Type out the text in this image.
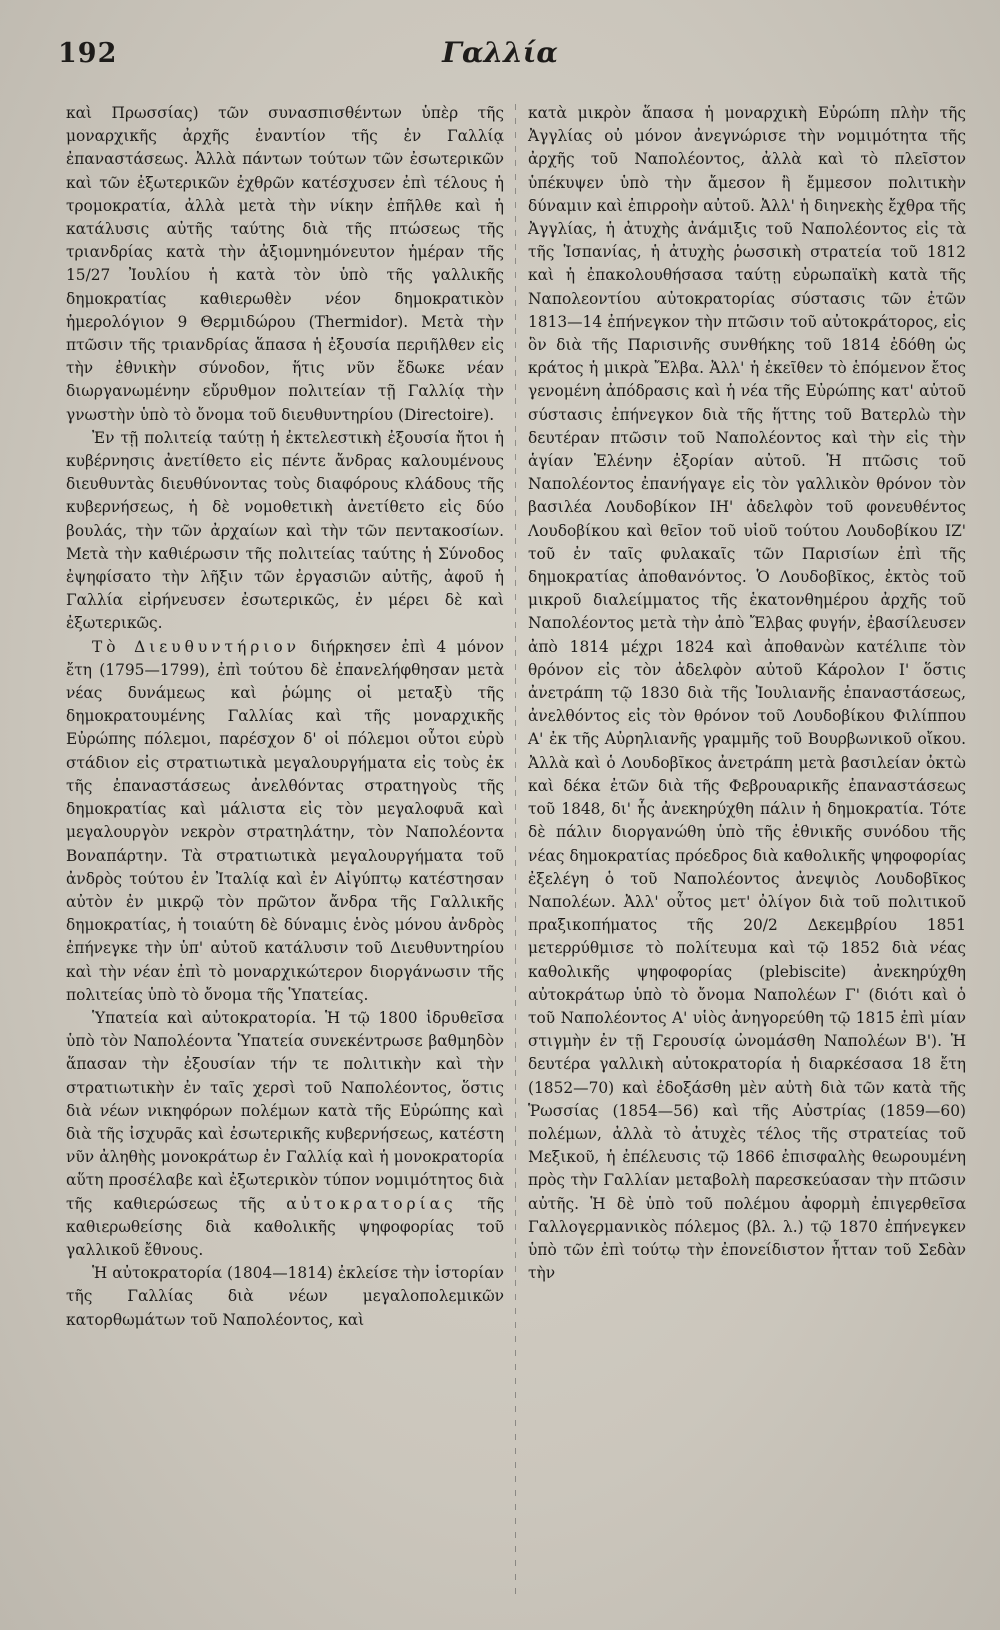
192	Γαλλία

καὶ Πρωσσίας) τῶν συνασπισθέντων ὑπὲρ τῆς μοναρχικῆς ἀρχῆς ἐναντίον τῆς ἐν Γαλλίᾳ ἐπαναστάσεως. Ἀλλὰ πάντων τούτων τῶν ἐσωτερικῶν καὶ τῶν ἐξωτερικῶν ἐχθρῶν κατέσχυσεν ἐπὶ τέλους ἡ τρομοκρατία, ἀλλὰ μετὰ τὴν νίκην ἐπῆλθε καὶ ἡ κατάλυσις αὐτῆς ταύτης διὰ τῆς πτώσεως τῆς τριανδρίας κατὰ τὴν ἀξιομνημόνευτον ἡμέραν τῆς 15/27 Ἰουλίου ἡ κατὰ τὸν ὑπὸ τῆς γαλλικῆς δημοκρατίας καθιερωθὲν νέον δημοκρατικὸν ἡμερολόγιον 9 Θερμιδώρου (Thermidor). Μετὰ τὴν πτῶσιν τῆς τριανδρίας ἅπασα ἡ ἐξουσία περιῆλθεν εἰς τὴν ἐθνικὴν σύνοδον, ἥτις νῦν ἔδωκε νέαν διωργανωμένην εὔρυθμον πολιτείαν τῇ Γαλλίᾳ τὴν γνωστὴν ὑπὸ τὸ ὄνομα τοῦ διευθυντηρίου (Directoire).

Ἐν τῇ πολιτείᾳ ταύτῃ ἡ ἐκτελεστικὴ ἐξουσία ἤτοι ἡ κυβέρνησις ἀνετίθετο εἰς πέντε ἄνδρας καλουμένους διευθυντὰς διευθύνοντας τοὺς διαφόρους κλάδους τῆς κυβερνήσεως, ἡ δὲ νομοθετικὴ ἀνετίθετο εἰς δύο βουλάς, τὴν τῶν ἀρχαίων καὶ τὴν τῶν πεντακοσίων. Μετὰ τὴν καθιέρωσιν τῆς πολιτείας ταύτης ἡ Σύνοδος ἐψηφίσατο τὴν λῆξιν τῶν ἐργασιῶν αὐτῆς, ἀφοῦ ἡ Γαλλία εἰρήνευσεν ἐσωτερικῶς, ἐν μέρει δὲ καὶ ἐξωτερικῶς.

Τὸ Διευθυντήριον διήρκησεν ἐπὶ 4 μόνον ἔτη (1795—1799), ἐπὶ τούτου δὲ ἐπανελήφθησαν μετὰ νέας δυνάμεως καὶ ῥώμης οἱ μεταξὺ τῆς δημοκρατουμένης Γαλλίας καὶ τῆς μοναρχικῆς Εὐρώπης πόλεμοι, παρέσχον δ' οἱ πόλεμοι οὗτοι εὐρὺ στάδιον εἰς στρατιωτικὰ μεγαλουργήματα εἰς τοὺς ἐκ τῆς ἐπαναστάσεως ἀνελθόντας στρατηγοὺς τῆς δημοκρατίας καὶ μάλιστα εἰς τὸν μεγαλοφυᾶ καὶ μεγαλουργὸν νεκρὸν στρατηλάτην, τὸν Ναπολέοντα Βοναπάρτην. Τὰ στρατιωτικὰ μεγαλουργήματα τοῦ ἀνδρὸς τούτου ἐν Ἰταλίᾳ καὶ ἐν Αἰγύπτῳ κατέστησαν αὐτὸν ἐν μικρῷ τὸν πρῶτον ἄνδρα τῆς Γαλλικῆς δημοκρατίας, ἡ τοιαύτη δὲ δύναμις ἑνὸς μόνου ἀνδρὸς ἐπήνεγκε τὴν ὑπ' αὐτοῦ κατάλυσιν τοῦ Διευθυντηρίου καὶ τὴν νέαν ἐπὶ τὸ μοναρχικώτερον διοργάνωσιν τῆς πολιτείας ὑπὸ τὸ ὄνομα τῆς Ὑπατείας.

Ὑπατεία καὶ αὐτοκρατορία. Ἡ τῷ 1800 ἱδρυθεῖσα ὑπὸ τὸν Ναπολέοντα Ὑπατεία συνεκέντρωσε βαθμηδὸν ἅπασαν τὴν ἐξουσίαν τήν τε πολιτικὴν καὶ τὴν στρατιωτικὴν ἐν ταῖς χερσὶ τοῦ Ναπολέοντος, ὅστις διὰ νέων νικηφόρων πολέμων κατὰ τῆς Εὐρώπης καὶ διὰ τῆς ἰσχυρᾶς καὶ ἐσωτερικῆς κυβερνήσεως, κατέστη νῦν ἀληθὴς μονοκράτωρ ἐν Γαλλίᾳ καὶ ἡ μονοκρατορία αὕτη προσέλαβε καὶ ἐξωτερικὸν τύπον νομιμότητος διὰ τῆς καθιερώσεως τῆς αὐτοκρατορίας τῆς καθιερωθείσης διὰ καθολικῆς ψηφοφορίας τοῦ γαλλικοῦ ἔθνους.

Ἡ αὐτοκρατορία (1804—1814) ἐκλείσε τὴν ἱστορίαν τῆς Γαλλίας διὰ νέων μεγαλοπολεμικῶν κατορθωμάτων τοῦ Ναπολέοντος, καὶ

κατὰ μικρὸν ἅπασα ἡ μοναρχικὴ Εὐρώπη πλὴν τῆς Ἀγγλίας οὐ μόνον ἀνεγνώρισε τὴν νομιμότητα τῆς ἀρχῆς τοῦ Ναπολέοντος, ἀλλὰ καὶ τὸ πλεῖστον ὑπέκυψεν ὑπὸ τὴν ἄμεσον ἢ ἔμμεσον πολιτικὴν δύναμιν καὶ ἐπιρροὴν αὐτοῦ. Ἀλλ' ἡ διηνεκὴς ἔχθρα τῆς Ἀγγλίας, ἡ ἀτυχὴς ἀνάμιξις τοῦ Ναπολέοντος εἰς τὰ τῆς Ἱσπανίας, ἡ ἀτυχὴς ῥωσσικὴ στρατεία τοῦ 1812 καὶ ἡ ἐπακολουθήσασα ταύτῃ εὐρωπαϊκὴ κατὰ τῆς Ναπολεοντίου αὐτοκρατορίας σύστασις τῶν ἐτῶν 1813—14 ἐπήνεγκον τὴν πτῶσιν τοῦ αὐτοκράτορος, εἰς ὃν διὰ τῆς Παρισινῆς συνθήκης τοῦ 1814 ἐδόθη ὡς κράτος ἡ μικρὰ Ἔλβα. Ἀλλ' ἡ ἐκεῖθεν τὸ ἑπόμενον ἔτος γενομένη ἀπόδρασις καὶ ἡ νέα τῆς Εὐρώπης κατ' αὐτοῦ σύστασις ἐπήνεγκον διὰ τῆς ἥττης τοῦ Βατερλὼ τὴν δευτέραν πτῶσιν τοῦ Ναπολέοντος καὶ τὴν εἰς τὴν ἁγίαν Ἑλένην ἐξορίαν αὐτοῦ. Ἡ πτῶσις τοῦ Ναπολέοντος ἐπανήγαγε εἰς τὸν γαλλικὸν θρόνον τὸν βασιλέα Λουδοβίκον ΙΗ' ἀδελφὸν τοῦ φονευθέντος Λουδοβίκου καὶ θεῖον τοῦ υἱοῦ τούτου Λουδοβίκου ΙΖ' τοῦ ἐν ταῖς φυλακαῖς τῶν Παρισίων ἐπὶ τῆς δημοκρατίας ἀποθανόντος. Ὁ Λουδοβῖκος, ἐκτὸς τοῦ μικροῦ διαλείμματος τῆς ἑκατονθημέρου ἀρχῆς τοῦ Ναπολέοντος μετὰ τὴν ἀπὸ Ἔλβας φυγήν, ἐβασίλευσεν ἀπὸ 1814 μέχρι 1824 καὶ ἀποθανὼν κατέλιπε τὸν θρόνον εἰς τὸν ἀδελφὸν αὐτοῦ Κάρολον Ι' ὅστις ἀνετράπη τῷ 1830 διὰ τῆς Ἰουλιανῆς ἐπαναστάσεως, ἀνελθόντος εἰς τὸν θρόνον τοῦ Λουδοβίκου Φιλίππου Α' ἐκ τῆς Αὐρηλιανῆς γραμμῆς τοῦ Βουρβωνικοῦ οἴκου. Ἀλλὰ καὶ ὁ Λουδοβῖκος ἀνετράπη μετὰ βασιλείαν ὀκτὼ καὶ δέκα ἐτῶν διὰ τῆς Φεβρουαρικῆς ἐπαναστάσεως τοῦ 1848, δι' ἧς ἀνεκηρύχθη πάλιν ἡ δημοκρατία. Τότε δὲ πάλιν διοργανώθη ὑπὸ τῆς ἐθνικῆς συνόδου τῆς νέας δημοκρατίας πρόεδρος διὰ καθολικῆς ψηφοφορίας ἐξελέγη ὁ τοῦ Ναπολέοντος ἀνεψιὸς Λουδοβῖκος Ναπολέων. Ἀλλ' οὗτος μετ' ὀλίγον διὰ τοῦ πολιτικοῦ πραξικοπήματος τῆς 20/2 Δεκεμβρίου 1851 μετερρύθμισε τὸ πολίτευμα καὶ τῷ 1852 διὰ νέας καθολικῆς ψηφοφορίας (plebiscite) ἀνεκηρύχθη αὐτοκράτωρ ὑπὸ τὸ ὄνομα Ναπολέων Γ' (διότι καὶ ὁ τοῦ Ναπολέοντος Α' υἱὸς ἀνηγορεύθη τῷ 1815 ἐπὶ μίαν στιγμὴν ἐν τῇ Γερουσίᾳ ὠνομάσθη Ναπολέων Β'). Ἡ δευτέρα γαλλικὴ αὐτοκρατορία ἡ διαρκέσασα 18 ἔτη (1852—70) καὶ ἐδοξάσθη μὲν αὐτὴ διὰ τῶν κατὰ τῆς Ῥωσσίας (1854—56) καὶ τῆς Αὐστρίας (1859—60) πολέμων, ἀλλὰ τὸ ἀτυχὲς τέλος τῆς στρατείας τοῦ Μεξικοῦ, ἡ ἐπέλευσις τῷ 1866 ἐπισφαλὴς θεωρουμένη πρὸς τὴν Γαλλίαν μεταβολὴ παρεσκεύασαν τὴν πτῶσιν αὐτῆς. Ἡ δὲ ὑπὸ τοῦ πολέμου ἀφορμὴ ἐπιγερθεῖσα Γαλλογερμανικὸς πόλεμος (βλ. λ.) τῷ 1870 ἐπήνεγκεν ὑπὸ τῶν ἐπὶ τούτῳ τὴν ἐπονείδιστον ἧτταν τοῦ Σεδὰν τὴν
